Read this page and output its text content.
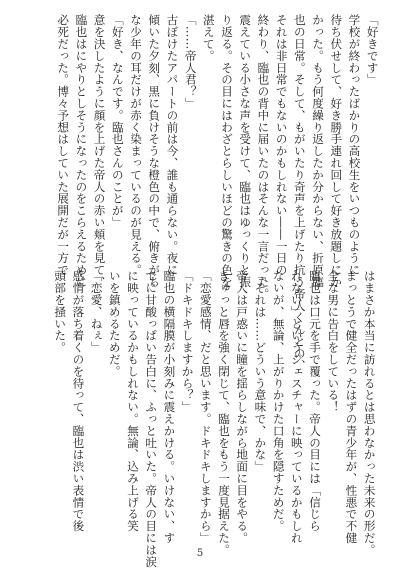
「好きです」
学校が終わったばかりの高校生をいつものように
待ち伏せして、好き勝手連れ回して好き放題しにか
かった。もう何度繰り返したか分からない、折原臨
也の日常。そして、もがいたり奇声を上げたり抗う帝人くんとの、
それは非日常でもないのかもしれない――一日の
終わり、臨也の背中に届いたのはそんな一言だった。
震えている小さな声を受けて、臨也はゆっくりと振
り返る。その目にはわざとらしいほどの驚きの色を
湛えて。
「……帝人君？」
古ぼけたアパートの前は今、誰も通らない。夜に
傾いた夕刻、黒に負けそうな橙色の中で、俯きがち
な少年の耳だけが赤く染まっているのが見える。
「好き、なんです。臨也さんのことが」
意を決したように顔を上げた帝人の赤い頬を見て、
臨也はにやりとしそうになったのをこらえるために
必死だった。博々予想はしていた展開だが一方で
はまさか本当に訪れるとは思わなかった未来の形だ。
まっとうで健全だったはずの青少年が、性悪で不健
全な男に告白をしている！
臨也は口元を手で覆った。帝人の目には「信じら
れない」というジェスチャーに映っているかもしれ
ないが、無論、上がりかけた口角を隠すためだ。
「それは……どういう意味で、かな」
帝人は戸惑いに瞳を揺らしながら地面に目をやる。
きゅっと唇を強く閉じて、臨也をもう一度見据えた。
「恋愛感情、だと思います。ドキドキしますから」
「ドキドキしますから？」
臨也の横隔膜が小刻みに震えかける。いけない、す
でに甘酸っぱい告白に、ふっと吐いた。帝人の目には涙
に映っているかもしれない。無論、込み上げる笑
いを鎮めるためだ。
「恋愛、ねぇ」
感情が落ち着くのを待って、臨也は渋い表情で後
頭部を掻いた。
5
